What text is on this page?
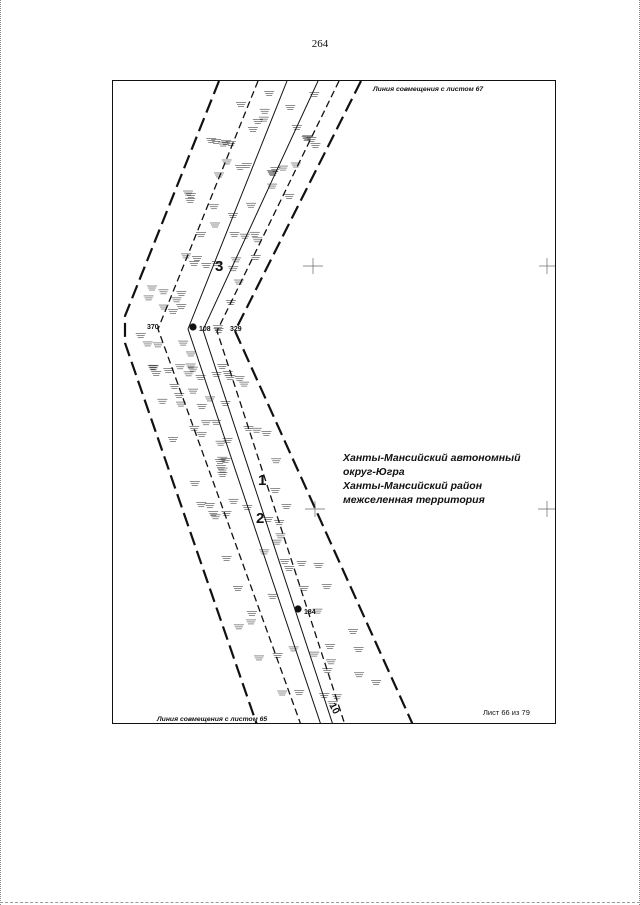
264
108
184
370	329
3
1
2
10
Линия совмещения с листом 67
Линия совмещения с листом 65
Ханты-Мансийский автономный
округ-Югра
Ханты-Мансийский район
межселенная территория
Лист 66 из 79
